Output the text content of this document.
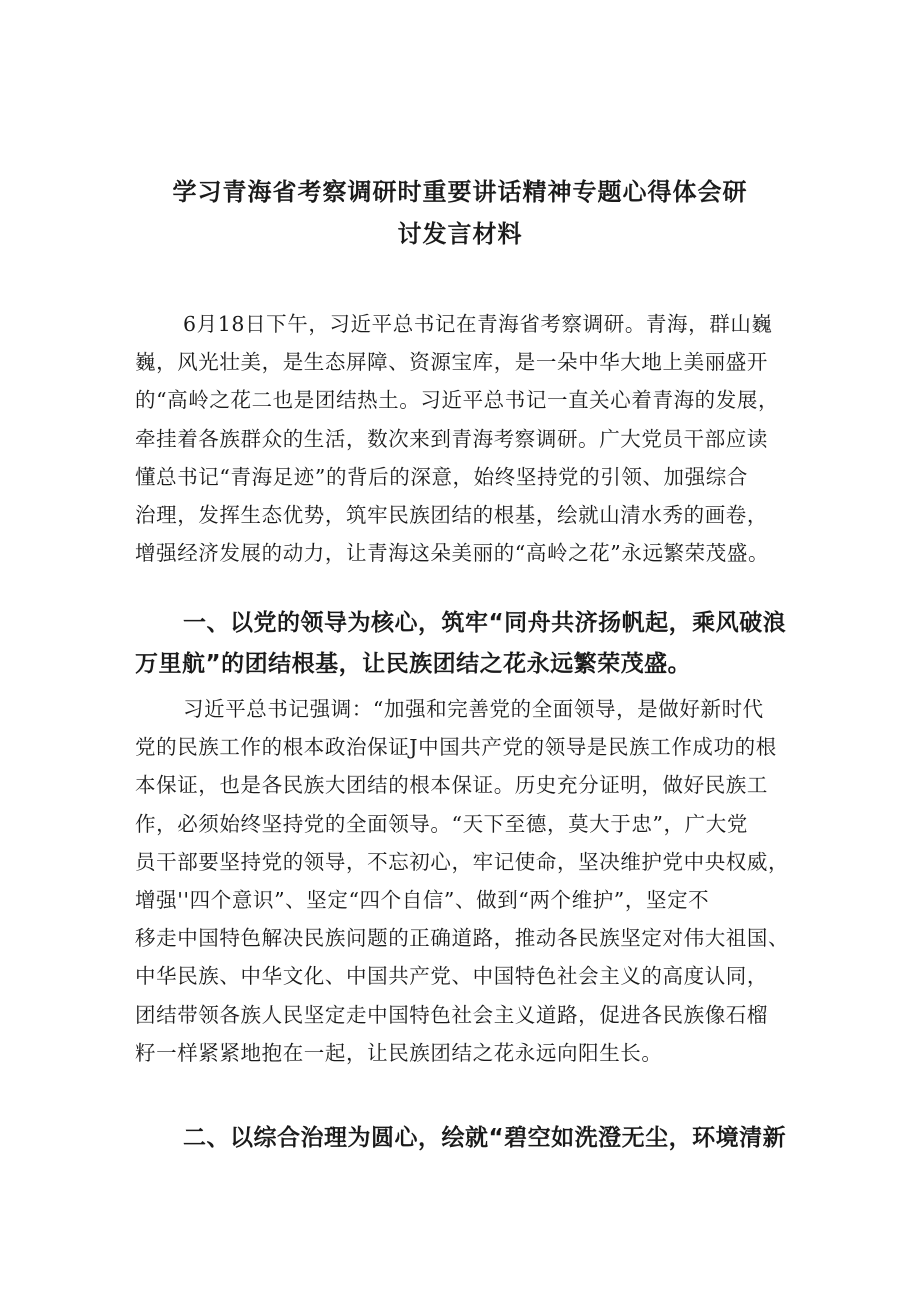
学习青海省考察调研时重要讲话精神专题心得体会研
讨发言材料
6月18日下午，习近平总书记在青海省考察调研。青海，群山巍
巍，风光壮美，是生态屏障、资源宝库，是一朵中华大地上美丽盛开
的“高岭之花二也是团结热土。习近平总书记一直关心着青海的发展，
牵挂着各族群众的生活，数次来到青海考察调研。广大党员干部应读
懂总书记“青海足迹”的背后的深意，始终坚持党的引领、加强综合
治理，发挥生态优势，筑牢民族团结的根基，绘就山清水秀的画卷，
增强经济发展的动力，让青海这朵美丽的“高岭之花”永远繁荣茂盛。
一、以党的领导为核心，筑牢“同舟共济扬帆起，乘风破浪
万里航”的团结根基，让民族团结之花永远繁荣茂盛。
习近平总书记强调：“加强和完善党的全面领导，是做好新时代
党的民族工作的根本政治保证J中国共产党的领导是民族工作成功的根
本保证，也是各民族大团结的根本保证。历史充分证明，做好民族工
作，必须始终坚持党的全面领导。“天下至德，莫大于忠”，广大党
员干部要坚持党的领导，不忘初心，牢记使命，坚决维护党中央权威，
增强''四个意识”、坚定“四个自信”、做到“两个维护”，坚定不
移走中国特色解决民族问题的正确道路，推动各民族坚定对伟大祖国、
中华民族、中华文化、中国共产党、中国特色社会主义的高度认同，
团结带领各族人民坚定走中国特色社会主义道路，促进各民族像石榴
籽一样紧紧地抱在一起，让民族团结之花永远向阳生长。
二、以综合治理为圆心，绘就“碧空如洗澄无尘，环境清新
